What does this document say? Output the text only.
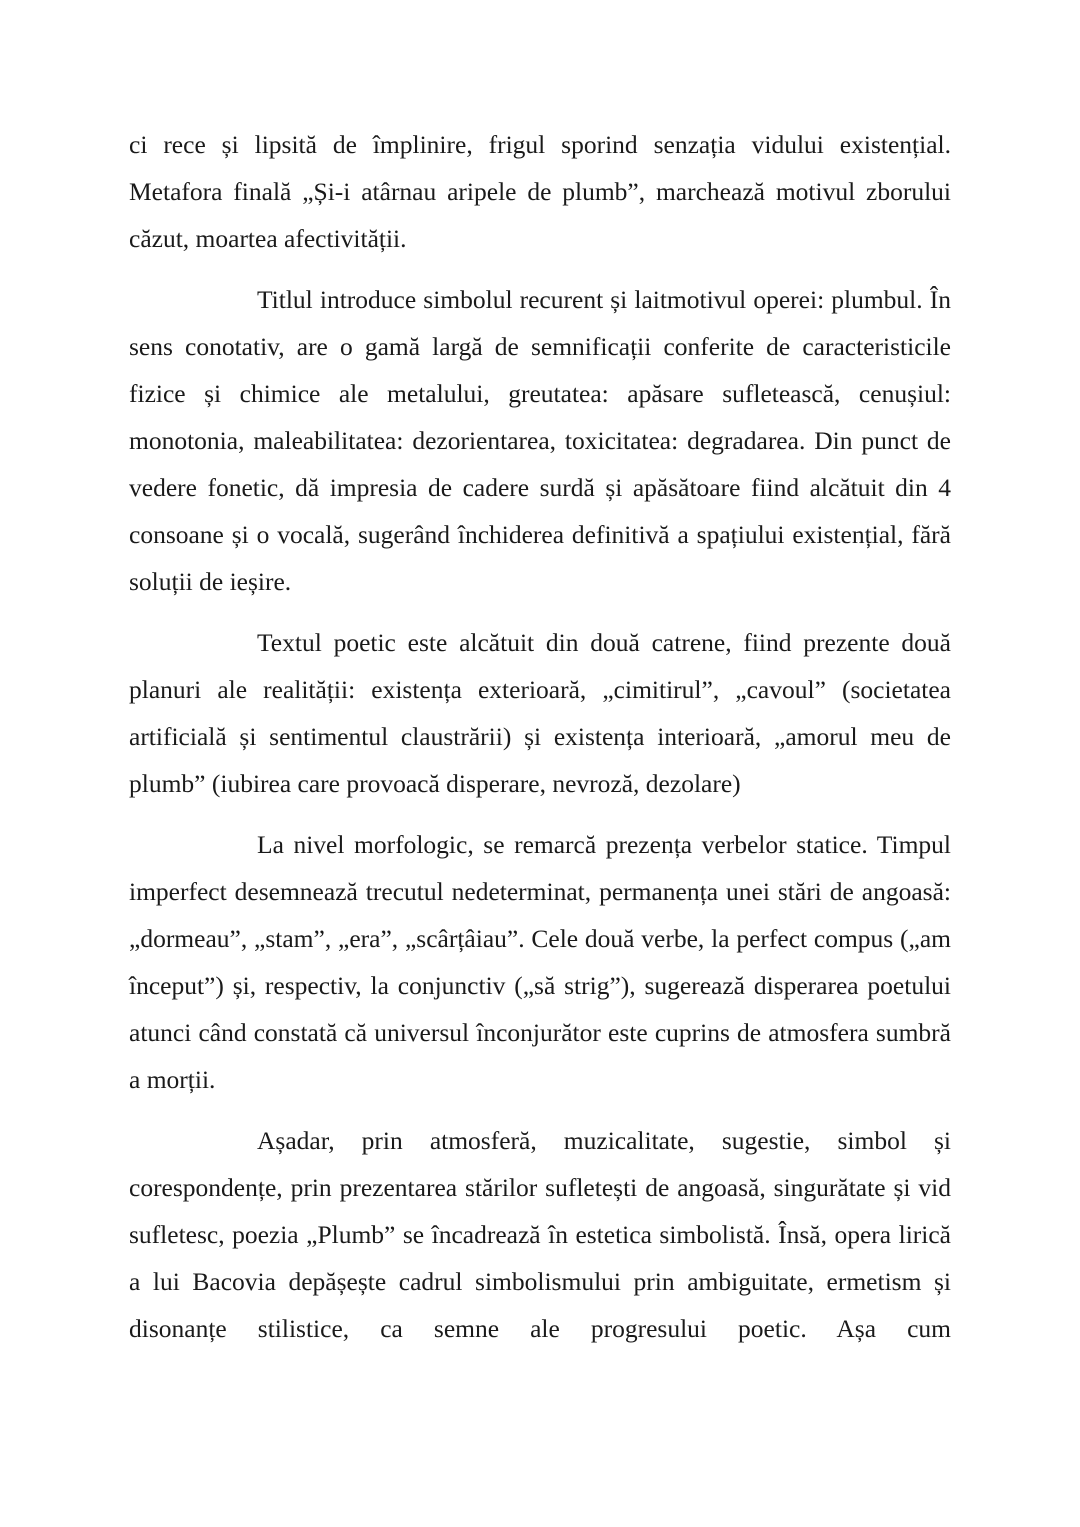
ci rece și lipsită de împlinire, frigul sporind senzația vidului existențial. Metafora finală „Și-i atârnau aripele de plumb”, marchează motivul zborului căzut, moartea afectivității.

Titlul introduce simbolul recurent și laitmotivul operei: plumbul. În sens conotativ, are o gamă largă de semnificații conferite de caracteristicile fizice și chimice ale metalului, greutatea: apăsare sufletească, cenușiul: monotonia, maleabilitatea: dezorientarea, toxicitatea: degradarea. Din punct de vedere fonetic, dă impresia de cadere surdă și apăsătoare fiind alcătuit din 4 consoane și o vocală, sugerând închiderea definitivă a spațiului existențial, fără soluții de ieșire.

Textul poetic este alcătuit din două catrene, fiind prezente două planuri ale realității: existența exterioară, „cimitirul”, „cavoul” (societatea artificială și sentimentul claustrării) și existența interioară, „amorul meu de plumb” (iubirea care provoacă disperare, nevroză, dezolare)

La nivel morfologic, se remarcă prezența verbelor statice. Timpul imperfect desemnează trecutul nedeterminat, permanența unei stări de angoasă: „dormeau”, „stam”, „era”, „scârțâiau”. Cele două verbe, la perfect compus („am început”) și, respectiv, la conjunctiv („să strig”), sugerează disperarea poetului atunci când constată că universul înconjurător este cuprins de atmosfera sumbră a morții.

Așadar, prin atmosferă, muzicalitate, sugestie, simbol și corespondențe, prin prezentarea stărilor sufletești de angoasă, singurătate și vid sufletesc, poezia „Plumb” se încadrează în estetica simbolistă. Însă, opera lirică a lui Bacovia depășește cadrul simbolismului prin ambiguitate, ermetism și disonanțe stilistice, ca semne ale progresului poetic. Așa cum
